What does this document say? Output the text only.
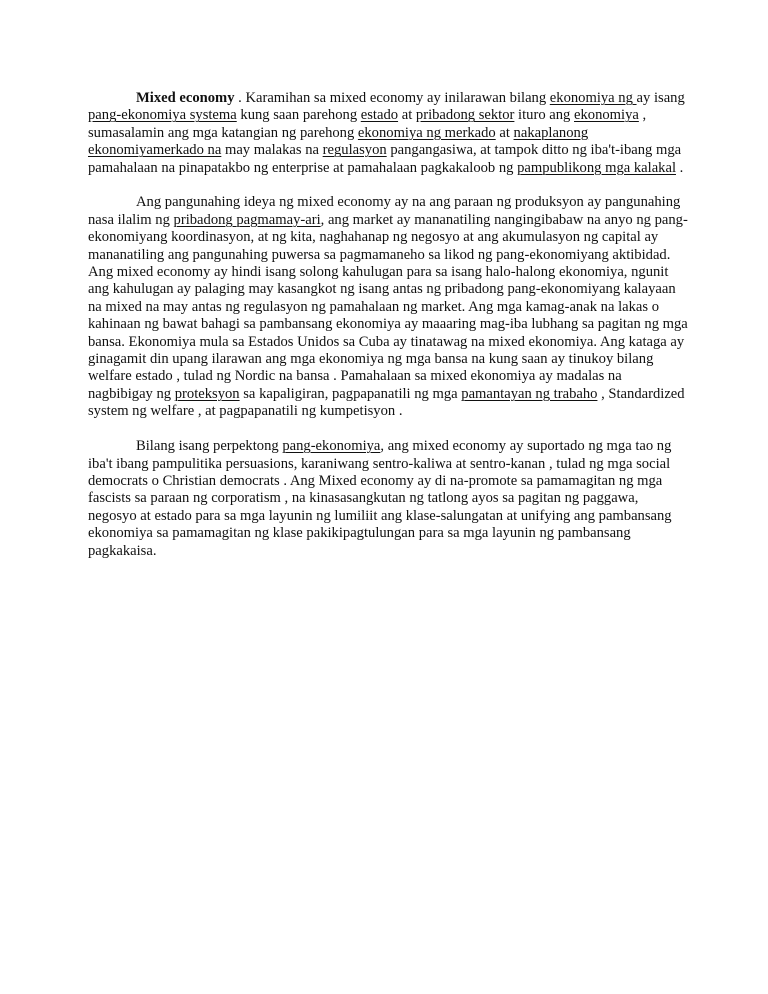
Mixed economy . Karamihan sa mixed economy ay inilarawan bilang ekonomiya ng ay isang pang-ekonomiya systema kung saan parehong estado at pribadong sektor ituro ang ekonomiya , sumasalamin ang mga katangian ng parehong ekonomiya ng merkado at nakaplanong ekonomiyamerkado na may malakas na regulasyon pangangasiwa, at tampok ditto ng iba't-ibang mga pamahalaan na pinapatakbo ng enterprise at pamahalaan pagkakaloob ng pampublikong mga kalakal .

Ang pangunahing ideya ng mixed economy ay na ang paraan ng produksyon ay pangunahing nasa ilalim ng pribadong pagmamay-ari, ang market ay mananatiling nangingibabaw na anyo ng pang-ekonomiyang koordinasyon, at ng kita, naghahanap ng negosyo at ang akumulasyon ng capital ay mananatiling ang pangunahing puwersa sa pagmamaneho sa likod ng pang-ekonomiyang aktibidad. Ang mixed economy ay hindi isang solong kahulugan para sa isang halo-halong ekonomiya, ngunit ang kahulugan ay palaging may kasangkot ng isang antas ng pribadong pang-ekonomiyang kalayaan na mixed na may antas ng regulasyon ng pamahalaan ng market. Ang mga kamag-anak na lakas o kahinaan ng bawat bahagi sa pambansang ekonomiya ay maaaring mag-iba lubhang sa pagitan ng mga bansa. Ekonomiya mula sa Estados Unidos sa Cuba ay tinatawag na mixed ekonomiya. Ang kataga ay ginagamit din upang ilarawan ang mga ekonomiya ng mga bansa na kung saan ay tinukoy bilang welfare estado , tulad ng Nordic na bansa . Pamahalaan sa mixed ekonomiya ay madalas na nagbibigay ng proteksyon sa kapaligiran, pagpapanatili ng mga pamantayan ng trabaho , Standardized system ng welfare , at pagpapanatili ng kumpetisyon .

Bilang isang perpektong pang-ekonomiya, ang mixed economy ay suportado ng mga tao ng iba't ibang pampulitika persuasions, karaniwang sentro-kaliwa at sentro-kanan , tulad ng mga social democrats o Christian democrats . Ang Mixed economy ay di na-promote sa pamamagitan ng mga fascists sa paraan ng corporatism , na kinasasangkutan ng tatlong ayos sa pagitan ng paggawa, negosyo at estado para sa mga layunin ng lumiliit ang klase-salungatan at unifying ang pambansang ekonomiya sa pamamagitan ng klase pakikipagtulungan para sa mga layunin ng pambansang pagkakaisa.
